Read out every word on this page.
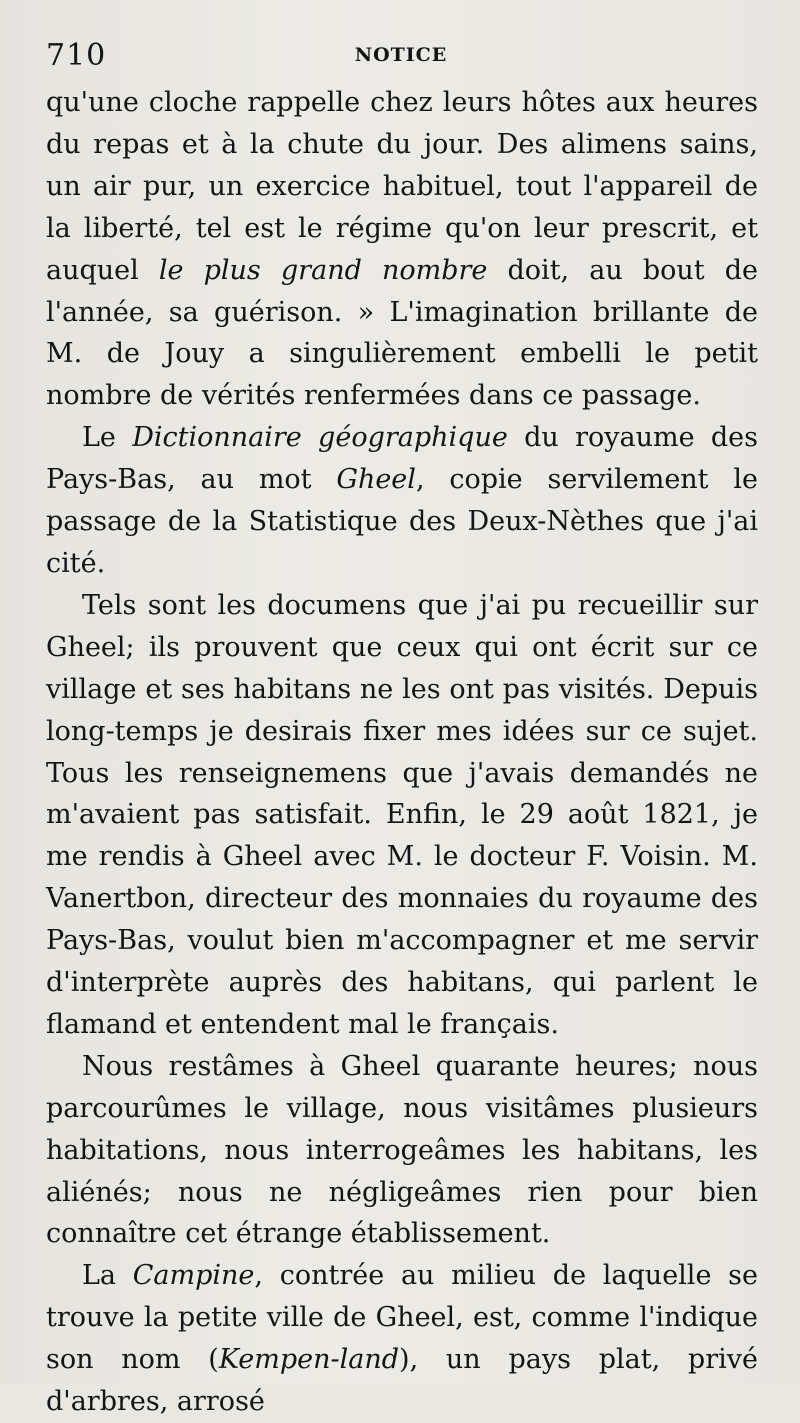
710	NOTICE

qu'une cloche rappelle chez leurs hôtes aux heures du repas et à la chute du jour. Des alimens sains, un air pur, un exercice habituel, tout l'appareil de la liberté, tel est le régime qu'on leur prescrit, et auquel le plus grand nombre doit, au bout de l'année, sa guérison. » L'imagination brillante de M. de Jouy a singulièrement embelli le petit nombre de vérités renfermées dans ce passage.

Le Dictionnaire géographique du royaume des Pays-Bas, au mot Gheel, copie servilement le passage de la Statistique des Deux-Nèthes que j'ai cité.

Tels sont les documens que j'ai pu recueillir sur Gheel; ils prouvent que ceux qui ont écrit sur ce village et ses habitans ne les ont pas visités. Depuis long-temps je desirais fixer mes idées sur ce sujet. Tous les renseignemens que j'avais demandés ne m'avaient pas satisfait. Enfin, le 29 août 1821, je me rendis à Gheel avec M. le docteur F. Voisin. M. Vanertbon, directeur des monnaies du royaume des Pays-Bas, voulut bien m'accompagner et me servir d'interprète auprès des habitans, qui parlent le flamand et entendent mal le français.

Nous restâmes à Gheel quarante heures; nous parcourûmes le village, nous visitâmes plusieurs habitations, nous interrogeâmes les habitans, les aliénés; nous ne négligeâmes rien pour bien connaître cet étrange établissement.

La Campine, contrée au milieu de laquelle se trouve la petite ville de Gheel, est, comme l'indique son nom (Kempen-land), un pays plat, privé d'arbres, arrosé
